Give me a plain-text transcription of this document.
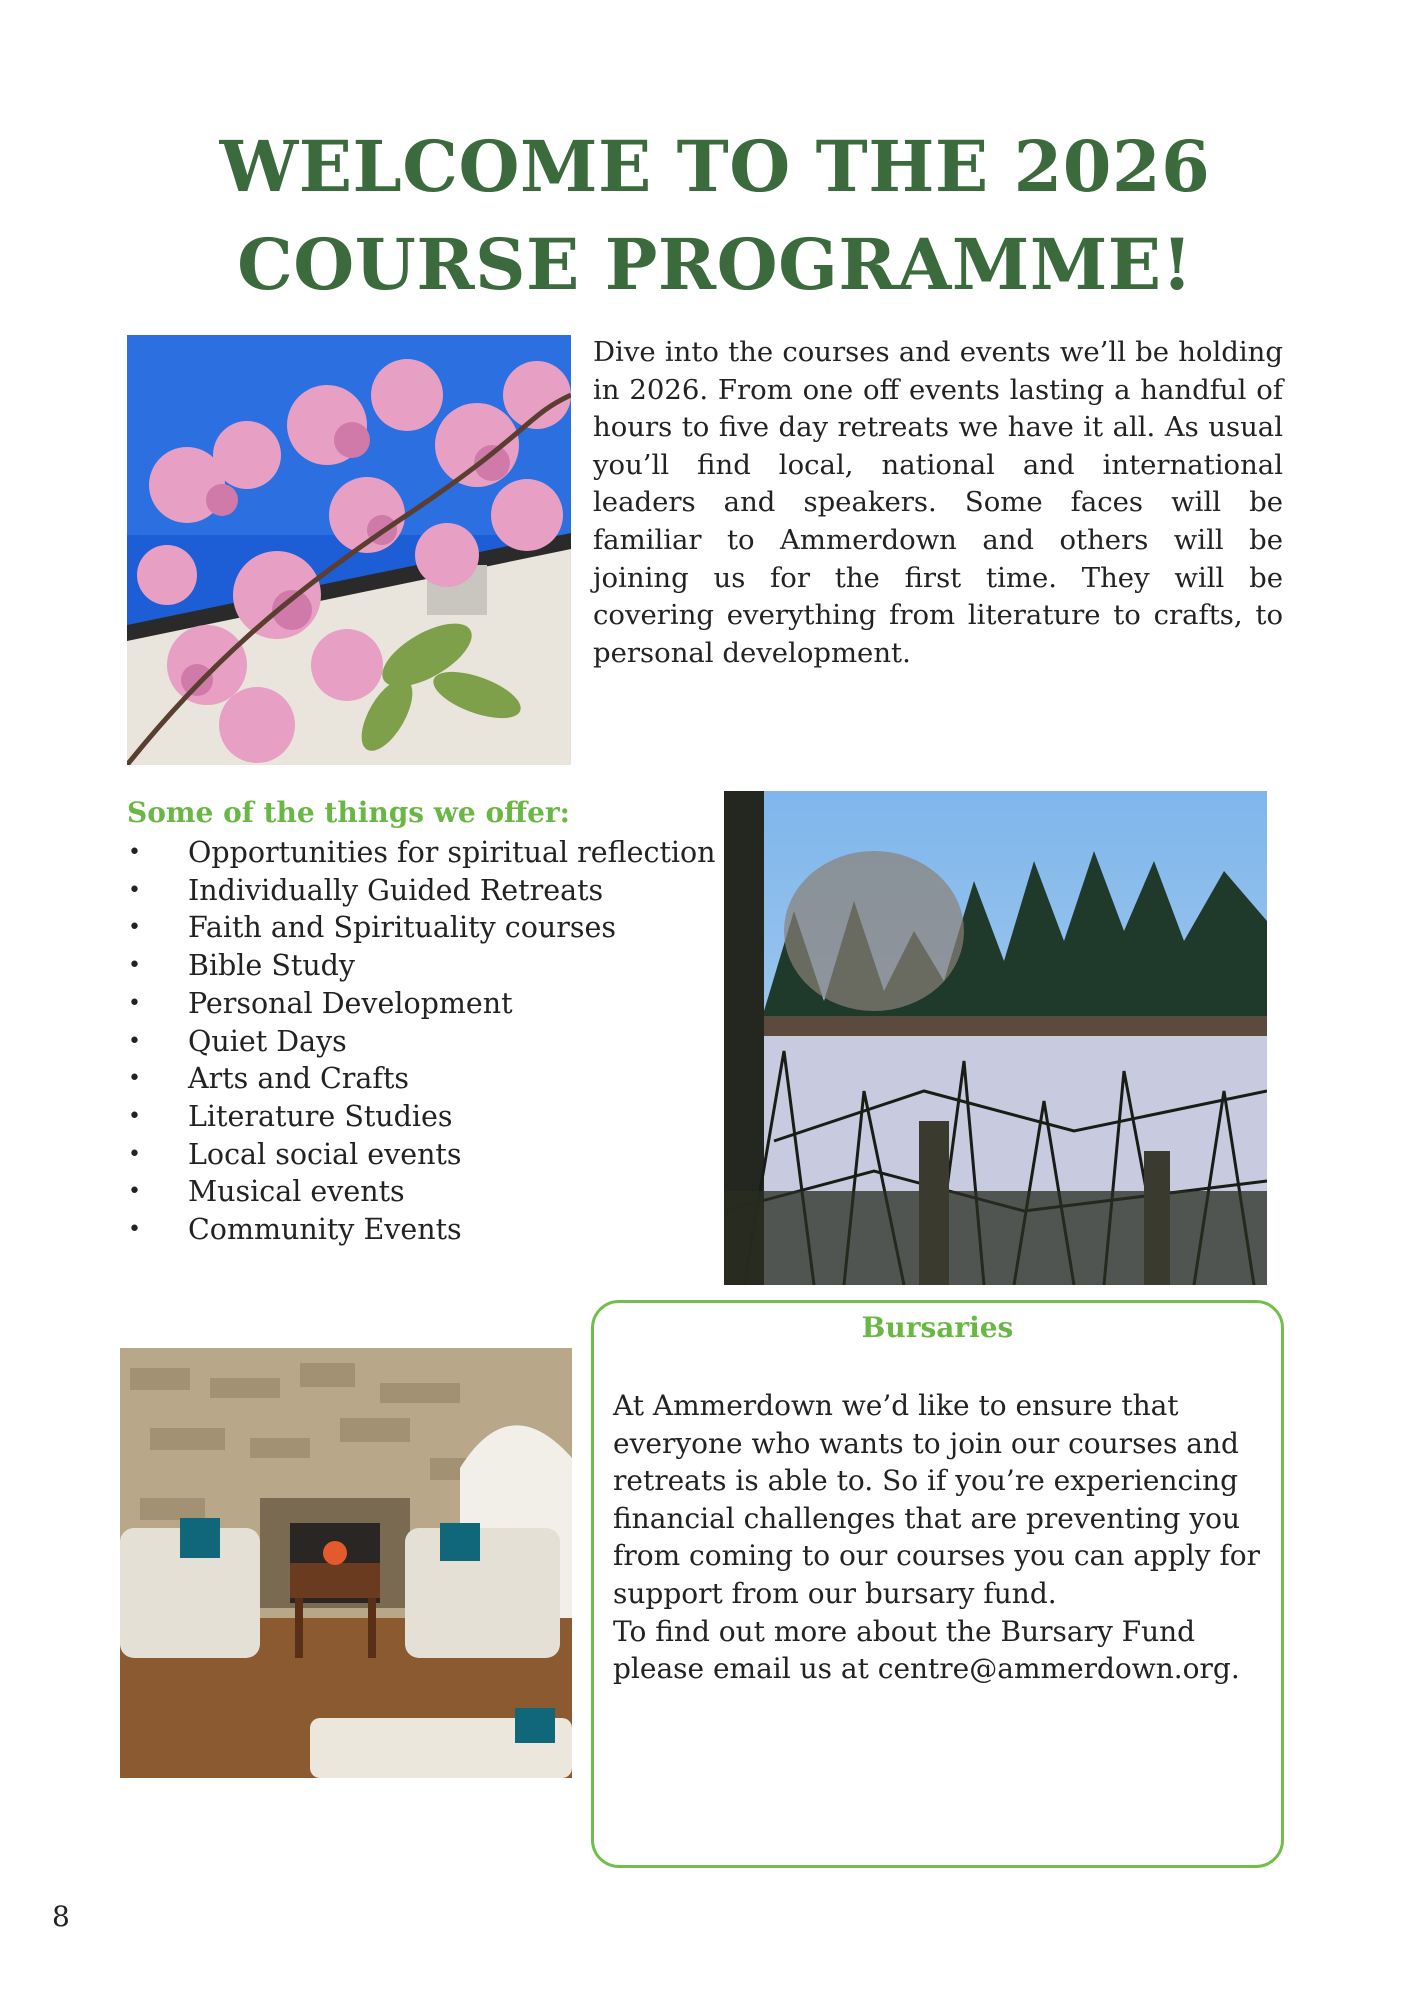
WELCOME TO THE 2026 COURSE PROGRAMME!

Dive into the courses and events we’ll be holding in 2026. From one off events lasting a handful of hours to five day retreats we have it all. As usual you’ll find local, national and international leaders and speakers. Some faces will be familiar to Ammerdown and others will be joining us for the first time. They will be covering everything from literature to crafts, to personal development.

Some of the things we offer:
• Opportunities for spiritual reflection
• Individually Guided Retreats
• Faith and Spirituality courses
• Bible Study
• Personal Development
• Quiet Days
• Arts and Crafts
• Literature Studies
• Local social events
• Musical events
• Community Events
Bursaries

At Ammerdown we’d like to ensure that everyone who wants to join our courses and retreats is able to. So if you’re experiencing financial challenges that are preventing you from coming to our courses you can apply for support from our bursary fund.

To find out more about the Bursary Fund please email us at centre@ammerdown.org.

8
